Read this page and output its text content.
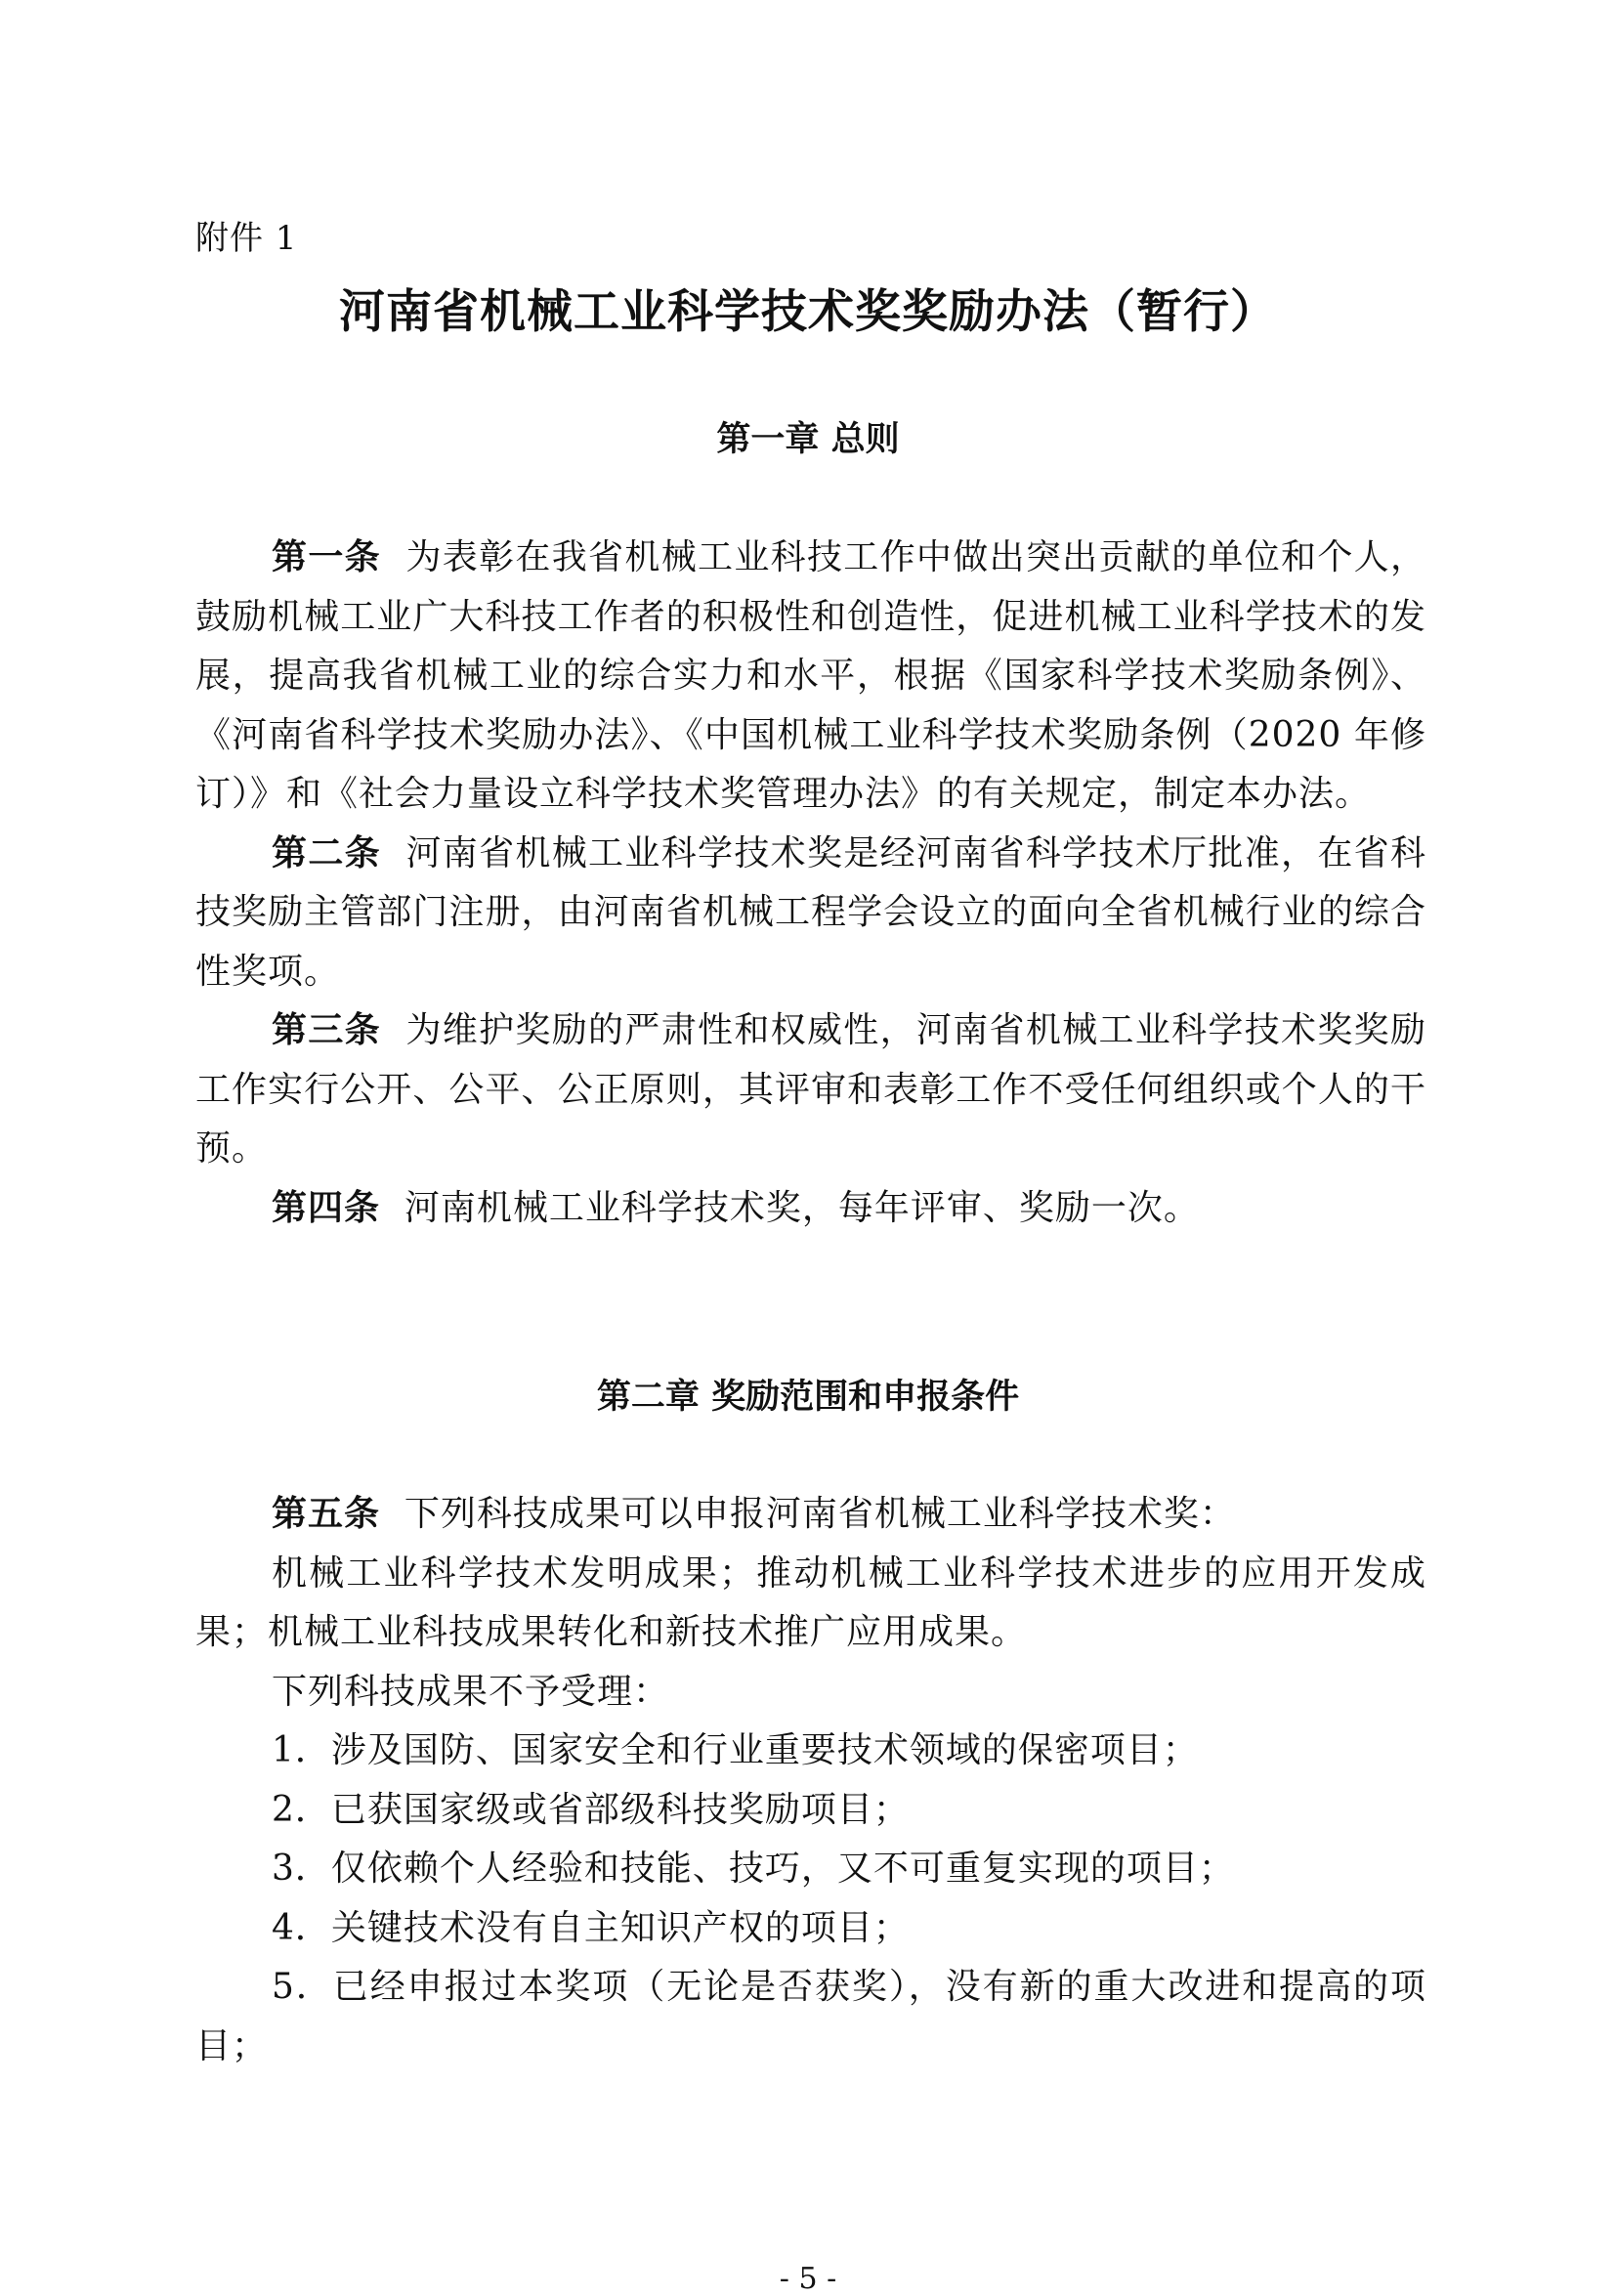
附件 1
河南省机械工业科学技术奖奖励办法（暂行）
第一章 总则

第一条 为表彰在我省机械工业科技工作中做出突出贡献的单位和个人，鼓励机械工业广大科技工作者的积极性和创造性，促进机械工业科学技术的发展，提高我省机械工业的综合实力和水平，根据《国家科学技术奖励条例》、《河南省科学技术奖励办法》、《中国机械工业科学技术奖励条例（2020 年修订）》和《社会力量设立科学技术奖管理办法》的有关规定，制定本办法。

第二条 河南省机械工业科学技术奖是经河南省科学技术厅批准，在省科技奖励主管部门注册，由河南省机械工程学会设立的面向全省机械行业的综合性奖项。

第三条 为维护奖励的严肃性和权威性，河南省机械工业科学技术奖奖励工作实行公开、公平、公正原则，其评审和表彰工作不受任何组织或个人的干预。

第四条 河南机械工业科学技术奖，每年评审、奖励一次。

第二章 奖励范围和申报条件

第五条 下列科技成果可以申报河南省机械工业科学技术奖：

机械工业科学技术发明成果；推动机械工业科学技术进步的应用开发成果；机械工业科技成果转化和新技术推广应用成果。

下列科技成果不予受理：

1．涉及国防、国家安全和行业重要技术领域的保密项目；

2．已获国家级或省部级科技奖励项目；

3．仅依赖个人经验和技能、技巧，又不可重复实现的项目；

4．关键技术没有自主知识产权的项目；

5．已经申报过本奖项（无论是否获奖），没有新的重大改进和提高的项目；

- 5 -
